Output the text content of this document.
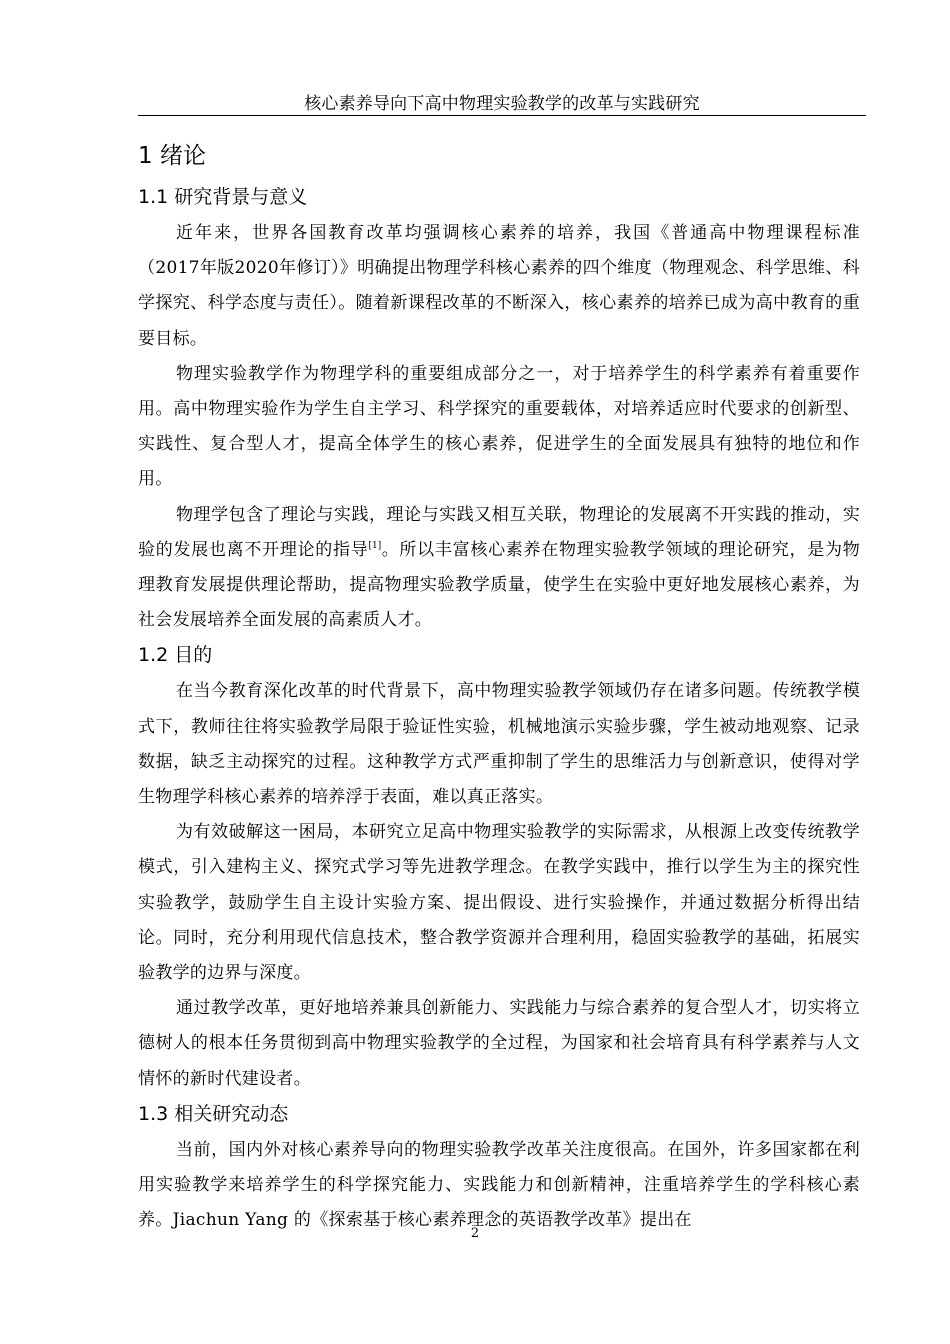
核心素养导向下高中物理实验教学的改革与实践研究
1 绪论
1.1 研究背景与意义

近年来，世界各国教育改革均强调核心素养的培养，我国《普通高中物理课程标准（2017年版2020年修订）》明确提出物理学科核心素养的四个维度（物理观念、科学思维、科学探究、科学态度与责任）。随着新课程改革的不断深入，核心素养的培养已成为高中教育的重要目标。

物理实验教学作为物理学科的重要组成部分之一，对于培养学生的科学素养有着重要作用。高中物理实验作为学生自主学习、科学探究的重要载体，对培养适应时代要求的创新型、实践性、复合型人才，提高全体学生的核心素养，促进学生的全面发展具有独特的地位和作用。

物理学包含了理论与实践，理论与实践又相互关联，物理论的发展离不开实践的推动，实验的发展也离不开理论的指导[1]。所以丰富核心素养在物理实验教学领域的理论研究，是为物理教育发展提供理论帮助，提高物理实验教学质量，使学生在实验中更好地发展核心素养，为社会发展培养全面发展的高素质人才。

1.2 目的

在当今教育深化改革的时代背景下，高中物理实验教学领域仍存在诸多问题。传统教学模式下，教师往往将实验教学局限于验证性实验，机械地演示实验步骤，学生被动地观察、记录数据，缺乏主动探究的过程。这种教学方式严重抑制了学生的思维活力与创新意识，使得对学生物理学科核心素养的培养浮于表面，难以真正落实。

为有效破解这一困局，本研究立足高中物理实验教学的实际需求，从根源上改变传统教学模式，引入建构主义、探究式学习等先进教学理念。在教学实践中，推行以学生为主的探究性实验教学，鼓励学生自主设计实验方案、提出假设、进行实验操作，并通过数据分析得出结论。同时，充分利用现代信息技术，整合教学资源并合理利用，稳固实验教学的基础，拓展实验教学的边界与深度。

通过教学改革，更好地培养兼具创新能力、实践能力与综合素养的复合型人才，切实将立德树人的根本任务贯彻到高中物理实验教学的全过程，为国家和社会培育具有科学素养与人文情怀的新时代建设者。

1.3 相关研究动态

当前，国内外对核心素养导向的物理实验教学改革关注度很高。在国外，许多国家都在利用实验教学来培养学生的科学探究能力、实践能力和创新精神，注重培养学生的学科核心素养。Jiachun Yang 的《探索基于核心素养理念的英语教学改革》提出在

2
